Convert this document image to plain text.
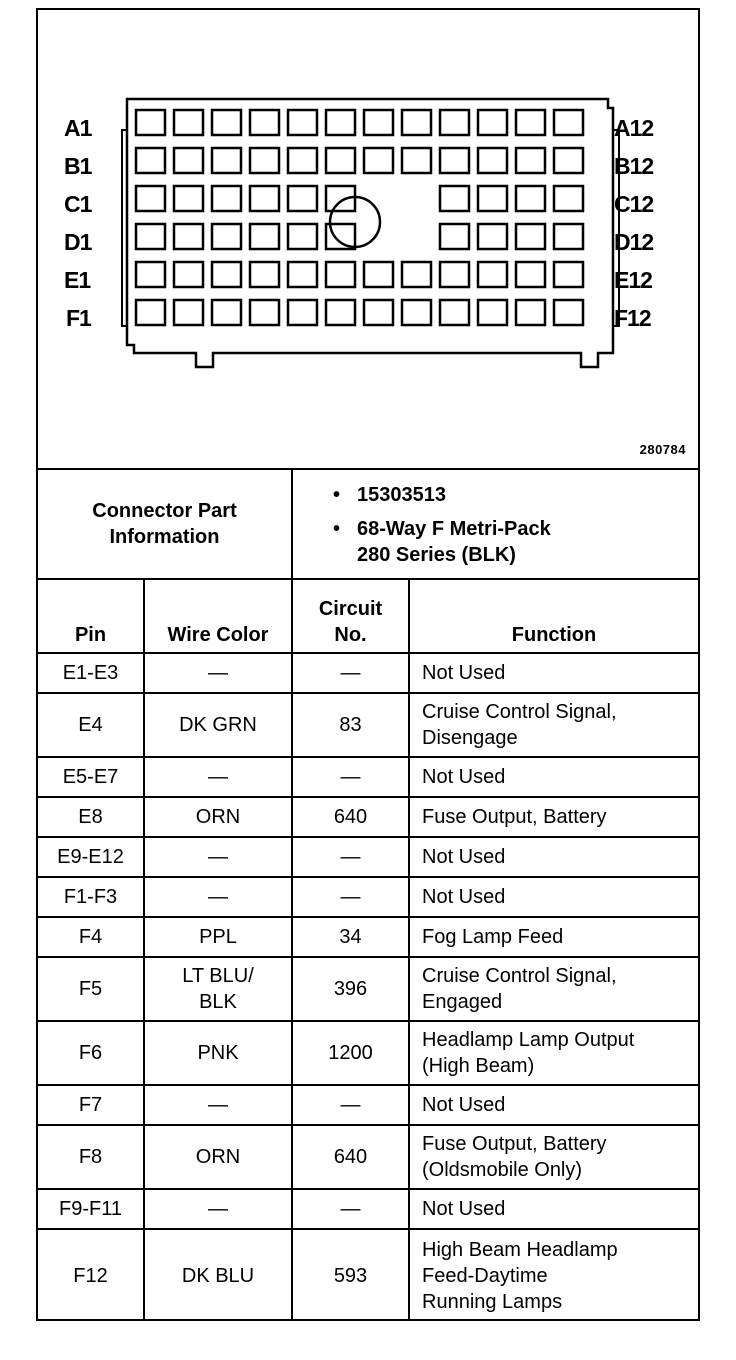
A1
B1
C1
D1
E1
F1
A12
B12
C12
D12
E12
F12
280784
Connector Part
Information
• 15303513
• 68-Way F Metri-Pack
280 Series (BLK)
Pin	Wire Color	Circuit
No.	Function
E1-E3	—	—	Not Used
E4	DK GRN	83	Cruise Control Signal,
Disengage
E5-E7	—	—	Not Used
E8	ORN	640	Fuse Output, Battery
E9-E12	—	—	Not Used
F1-F3	—	—	Not Used
F4	PPL	34	Fog Lamp Feed
F5	LT BLU/
BLK	396	Cruise Control Signal,
Engaged
F6	PNK	1200	Headlamp Lamp Output
(High Beam)
F7	—	—	Not Used
F8	ORN	640	Fuse Output, Battery
(Oldsmobile Only)
F9-F11	—	—	Not Used
F12	DK BLU	593	High Beam Headlamp
Feed-Daytime
Running Lamps
